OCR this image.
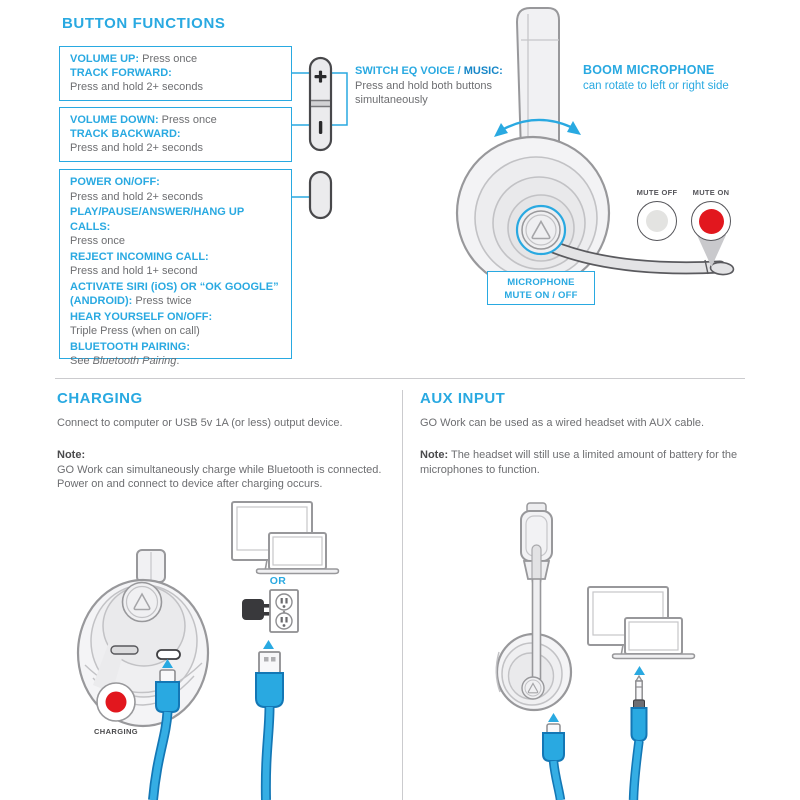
BUTTON FUNCTIONS
VOLUME UP: Press once
TRACK FORWARD:
Press and hold 2+ seconds
VOLUME DOWN: Press once
TRACK BACKWARD:
Press and hold 2+ seconds
POWER ON/OFF:
Press and hold 2+ seconds
PLAY/PAUSE/ANSWER/HANG UP CALLS:
Press once
REJECT INCOMING CALL:
Press and hold 1+ second
ACTIVATE SIRI (iOS) OR “OK GOOGLE”
(ANDROID): Press twice
HEAR YOURSELF ON/OFF:
Triple Press (when on call)
BLUETOOTH PAIRING:
See Bluetooth Pairing.
SWITCH EQ VOICE / MUSIC:
Press and hold both buttons
simultaneously
BOOM MICROPHONE
can rotate to left or right side
MUTE OFF	MUTE ON
MICROPHONE
MUTE ON / OFF
CHARGING

Connect to computer or USB 5v 1A (or less) output device.

Note:
GO Work can simultaneously charge while Bluetooth is connected.
Power on and connect to device after charging occurs.

AUX INPUT

GO Work can be used as a wired headset with AUX cable.

Note: The headset will still use a limited amount of battery for the microphones to function.

OR
CHARGING
